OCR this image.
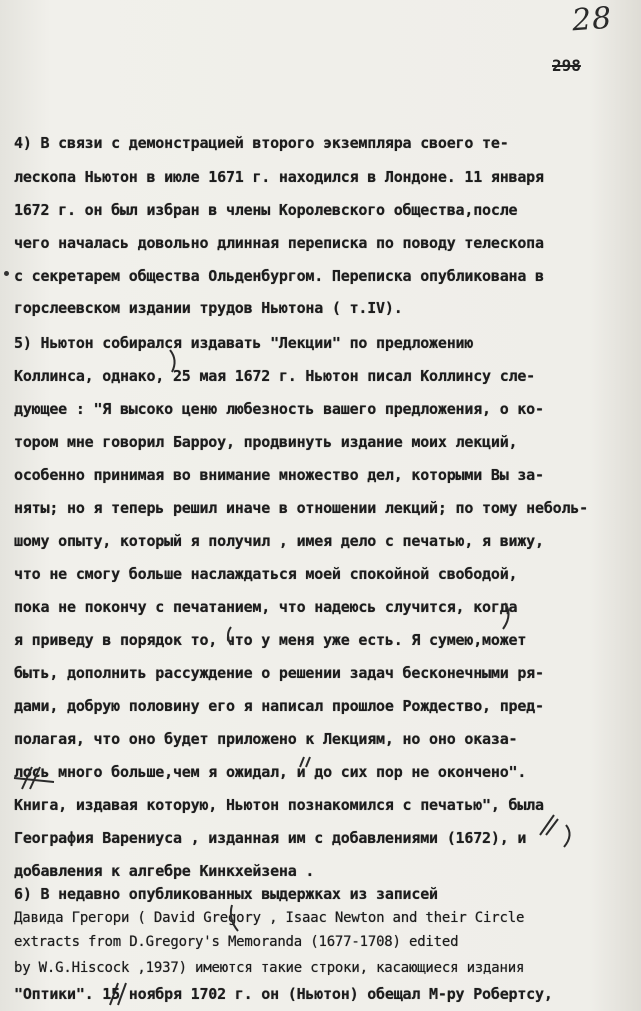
28
298
4) В связи с демонстрацией второго экземпляра своего те-
лескопа Ньютон в июле 1671 г. находился в Лондоне. 11 января
1672 г. он был избран в члены Королевского общества,после
чего началась довольно длинная переписка по поводу телескопа
с секретарем общества Ольденбургом. Переписка опубликована в
горслеевском издании трудов Ньютона ( т.IV).
5) Ньютон собирался издавать "Лекции" по предложению
Коллинса, однако, 25 мая 1672 г. Ньютон писал Коллинсу сле-
дующее : "Я высоко ценю любезность вашего предложения, о ко-
тором мне говорил Барроу, продвинуть издание моих лекций,
особенно принимая во внимание множество дел, которыми Вы за-
няты; но я теперь решил иначе в отношении лекций; по тому неболь-
шому опыту, который я получил , имея дело с печатью, я вижу,
что не смогу больше наслаждаться моей спокойной свободой,
пока не покончу с печатанием, что надеюсь случится, когда
я приведу в порядок то, что у меня уже есть. Я сумею,может
быть, дополнить рассуждение о решении задач бесконечными ря-
дами, добрую половину его я написал прошлое Рождество, пред-
полагая, что оно будет приложено к Лекциям, но оно оказа-
лось много больше,чем я ожидал, и до сих пор не окончено".
Книга, издавая которую, Ньютон познакомился с печатью", была
География Варениуса , изданная им с добавлениями (1672), и
добавления к алгебре Кинкхейзена .
6) В недавно опубликованных выдержках из записей
Давида Грегори ( David Gregory , Isaac Newton and their Circle
extracts from D.Gregory's Memoranda (1677-1708) edited
"Оптики". 15 ноября 1702 г. он (Ньютон) обещал М-ру Робертсу,
by W.G.Hiscock ,1937) имеются такие строки, касающиеся издания
